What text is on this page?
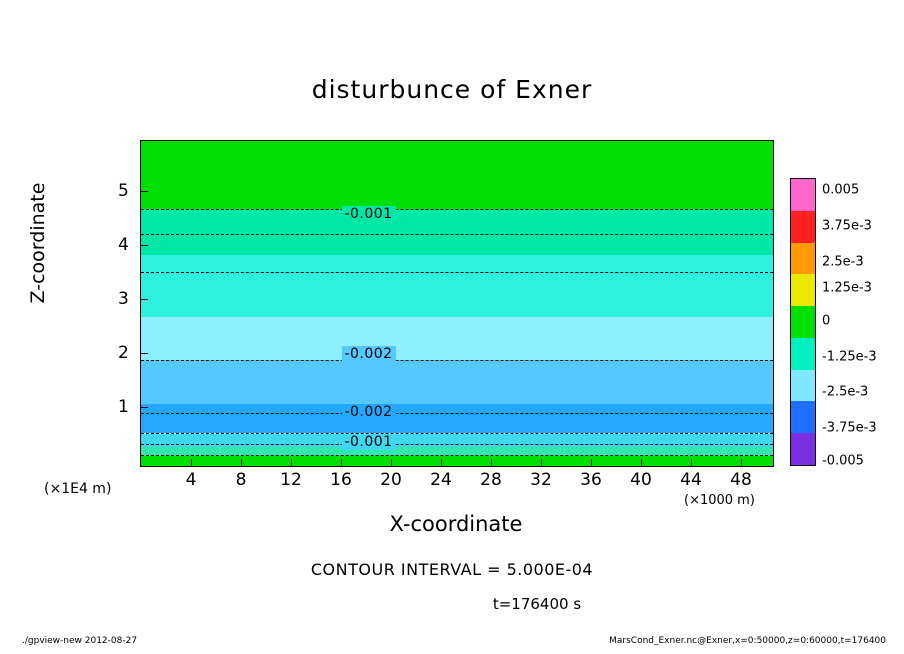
disturbunce of Exner
-0.001
-0.002
-0.002
-0.001
1
2
3
4
5
4 8 12 16 20 24 28 32 36 40 44 48
Z-coordinate
X-coordinate
(×1000 m)
(×1E4 m)
0.005
3.75e-3
2.5e-3
1.25e-3
0
-1.25e-3
-2.5e-3
-3.75e-3
-0.005
CONTOUR INTERVAL = 5.000E-04
t=176400 s
./gpview-new 2012-08-27	MarsCond_Exner.nc@Exner,x=0:50000,z=0:60000,t=176400
